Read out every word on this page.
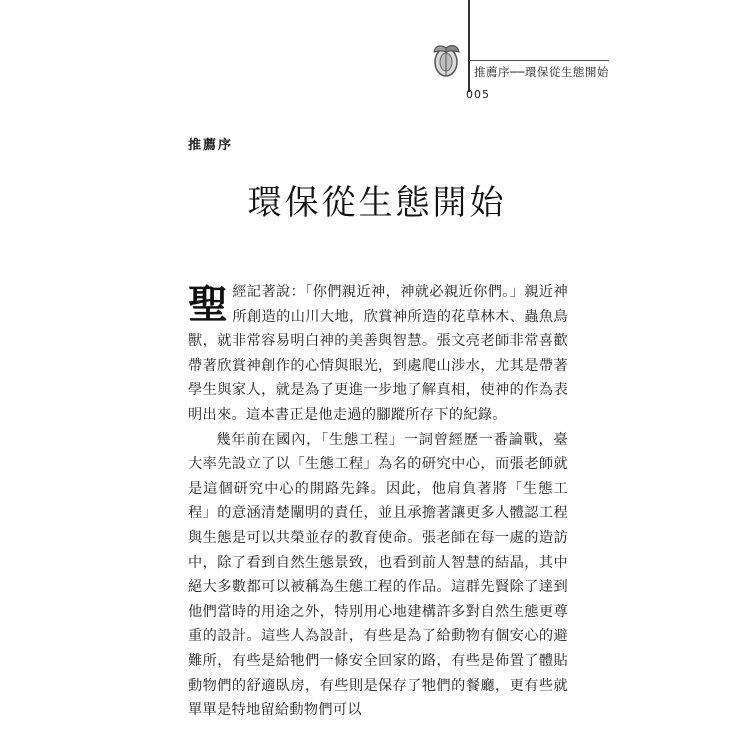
推薦序──環保從生態開始
005
推薦序
環保從生態開始

聖經記著說：「你們親近神，神就必親近你們。」親近神所創造的山川大地，欣賞神所造的花草林木、蟲魚鳥獸，就非常容易明白神的美善與智慧。張文亮老師非常喜歡帶著欣賞神創作的心情與眼光，到處爬山涉水，尤其是帶著學生與家人，就是為了更進一步地了解真相，使神的作為表明出來。這本書正是他走過的腳蹤所存下的紀錄。

幾年前在國內，「生態工程」一詞曾經歷一番論戰，臺大率先設立了以「生態工程」為名的研究中心，而張老師就是這個研究中心的開路先鋒。因此，他肩負著將「生態工程」的意涵清楚闡明的責任，並且承擔著讓更多人體認工程與生態是可以共榮並存的教育使命。張老師在每一處的造訪中，除了看到自然生態景致，也看到前人智慧的結晶，其中絕大多數都可以被稱為生態工程的作品。這群先賢除了達到他們當時的用途之外，特別用心地建構許多對自然生態更尊重的設計。這些人為設計，有些是為了給動物有個安心的避難所，有些是給牠們一條安全回家的路，有些是佈置了體貼動物們的舒適臥房，有些則是保存了牠們的餐廳，更有些就單單是特地留給動物們可以
